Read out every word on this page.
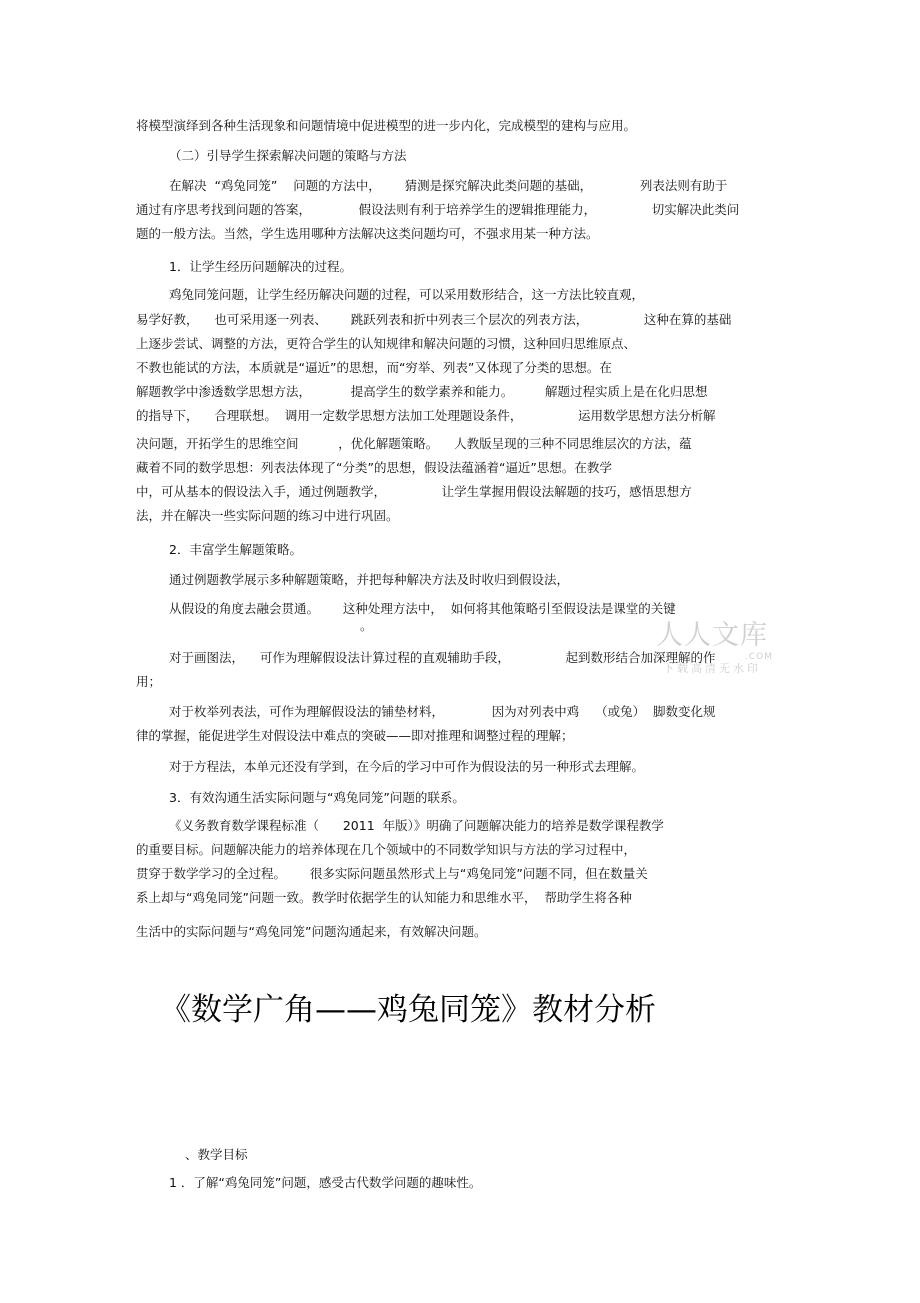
将模型演绎到各种生活现象和问题情境中促进模型的进一步内化，完成模型的建构与应用。

（二）引导学生探索解决问题的策略与方法

在解决  “鸡兔同笼”    问题的方法中，      猜测是探究解决此类问题的基础，            列表法则有助于

通过有序思考找到问题的答案，            假设法则有利于培养学生的逻辑推理能力，              切实解决此类问

题的一般方法。当然，学生选用哪种方法解决这类问题均可，不强求用某一种方法。

1．让学生经历问题解决的过程。

鸡兔同笼问题，让学生经历解决问题的过程，可以采用数形结合，这一方法比较直观，

易学好教，    也可采用逐一列表、      跳跃列表和折中列表三个层次的列表方法，              这种在算的基础

上逐步尝试、调整的方法，更符合学生的认知规律和解决问题的习惯，这种回归思维原点、

不教也能试的方法，本质就是“逼近”的思想，而“穷举、列表”又体现了分类的思想。在

解题教学中渗透数学思想方法，          提高学生的数学素养和能力。        解题过程实质上是在化归思想

的指导下，    合理联想。  调用一定数学思想方法加工处理题设条件，              运用数学思想方法分析解

决问题，开拓学生的思维空间          ，优化解题策略。    人教版呈现的三种不同思维层次的方法，蕴

藏着不同的数学思想：列表法体现了“分类”的思想，假设法蕴涵着“逼近”思想。在教学

中，可从基本的假设法入手，通过例题教学，              让学生掌握用假设法解题的技巧，感悟思想方

法，并在解决一些实际问题的练习中进行巩固。

2．丰富学生解题策略。

通过例题教学展示多种解题策略，并把每种解决方法及时收归到假设法，

从假设的角度去融会贯通。      这种处理方法中，  如何将其他策略引至假设法是课堂的关键

。

对于画图法，    可作为理解假设法计算过程的直观辅助手段，              起到数形结合加深理解的作

用；

对于枚举列表法，可作为理解假设法的铺垫材料，            因为对列表中鸡    （或兔）  脚数变化规

律的掌握，能促进学生对假设法中难点的突破——即对推理和调整过程的理解；

对于方程法，本单元还没有学到，在今后的学习中可作为假设法的另一种形式去理解。

3．有效沟通生活实际问题与“鸡兔同笼”问题的联系。

《义务教育数学课程标准（      2011  年版）》明确了问题解决能力的培养是数学课程教学

的重要目标。问题解决能力的培养体现在几个领域中的不同数学知识与方法的学习过程中，

贯穿于数学学习的全过程。      很多实际问题虽然形式上与“鸡兔同笼”问题不同，但在数量关

系上却与“鸡兔同笼”问题一致。教学时依据学生的认知能力和思维水平，  帮助学生将各种

生活中的实际问题与“鸡兔同笼”问题沟通起来，有效解决问题。

《数学广角——鸡兔同笼》教材分析

、教学目标

1 ．了解“鸡兔同笼”问题，感受古代数学问题的趣味性。

人人文库
.COM
下载高清无水印
